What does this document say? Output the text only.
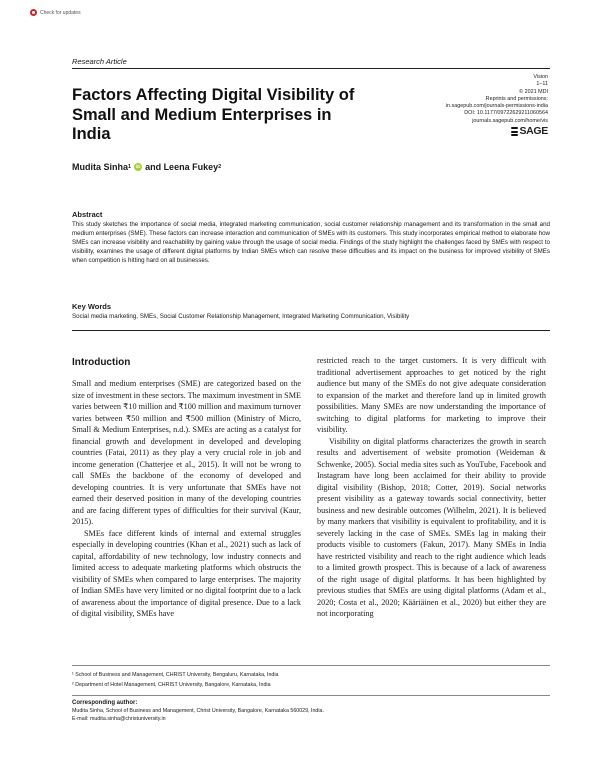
Check for updates
Research Article
Vision
1–11
© 2021 MDI
Reprints and permissions:
in.sagepub.com/journals-permissions-india
DOI: 10.1177/09722629211060564
journals.sagepub.com/home/vis
SAGE
Factors Affecting Digital Visibility of Small and Medium Enterprises in India
Mudita Sinha 1	iD and Leena Fukey 2
Abstract
This study sketches the importance of social media, integrated marketing communication, social customer relationship management and its transformation in the small and medium enterprises (SME). These factors can increase interaction and communication of SMEs with its customers. This study incorporates empirical method to elaborate how SMEs can increase visibility and reachability by gaining value through the usage of social media. Findings of the study highlight the challenges faced by SMEs with respect to visibility, examines the usage of different digital platforms by Indian SMEs which can resolve these difficulties and its impact on the business for improved visibility of SMEs when competition is hitting hard on all businesses.
Key Words
Social media marketing, SMEs, Social Customer Relationship Management, Integrated Marketing Communication, Visibility
Introduction

Small and medium enterprises (SME) are categorized based on the size of investment in these sectors. The maximum investment in SME varies between ₹10 million and ₹100 million and maximum turnover varies between ₹50 million and ₹500 million (Ministry of Micro, Small & Medium Enterprises, n.d.). SMEs are acting as a catalyst for financial growth and development in developed and developing countries (Fatai, 2011) as they play a very crucial role in job and income generation (Chatterjee et al., 2015). It will not be wrong to call SMEs the backbone of the economy of developed and developing countries. It is very unfortunate that SMEs have not earned their deserved position in many of the developing countries and are facing different types of difficulties for their survival (Kaur, 2015).

SMEs face different kinds of internal and external struggles especially in developing countries (Khan et al., 2021) such as lack of capital, affordability of new technology, low industry connects and limited access to adequate marketing platforms which obstructs the visibility of SMEs when compared to large enterprises. The majority of Indian SMEs have very limited or no digital footprint due to a lack of awareness about the importance of digital presence. Due to a lack of digital visibility, SMEs have

restricted reach to the target customers. It is very difficult with traditional advertisement approaches to get noticed by the right audience but many of the SMEs do not give adequate consideration to expansion of the market and therefore land up in limited growth possibilities. Many SMEs are now understanding the importance of switching to digital platforms for marketing to improve their visibility.

Visibility on digital platforms characterizes the growth in search results and advertisement of website promotion (Weideman & Schwenke, 2005). Social media sites such as YouTube, Facebook and Instagram have long been acclaimed for their ability to provide digital visibility (Bishop, 2018; Cotter, 2019). Social networks present visibility as a gateway towards social connectivity, better business and new desirable outcomes (Wilhelm, 2021). It is believed by many markers that visibility is equivalent to profitability, and it is severely lacking in the case of SMEs. SMEs lag in making their products visible to customers (Fakun, 2017). Many SMEs in India have restricted visibility and reach to the right audience which leads to a limited growth prospect. This is because of a lack of awareness of the right usage of digital platforms. It has been highlighted by previous studies that SMEs are using digital platforms (Adam et al., 2020; Costa et al., 2020; Kääriäinen et al., 2020) but either they are not incorporating

¹ School of Business and Management, CHRIST University, Bengaluru, Karnataka, India
² Department of Hotel Management, CHRIST University, Bangalore, Karnataka, India
Corresponding author:
Mudita Sinha, School of Business and Management, Christ University, Bangalore, Karnataka 560029, India.
E-mail: mudita.sinha@christuniversity.in
